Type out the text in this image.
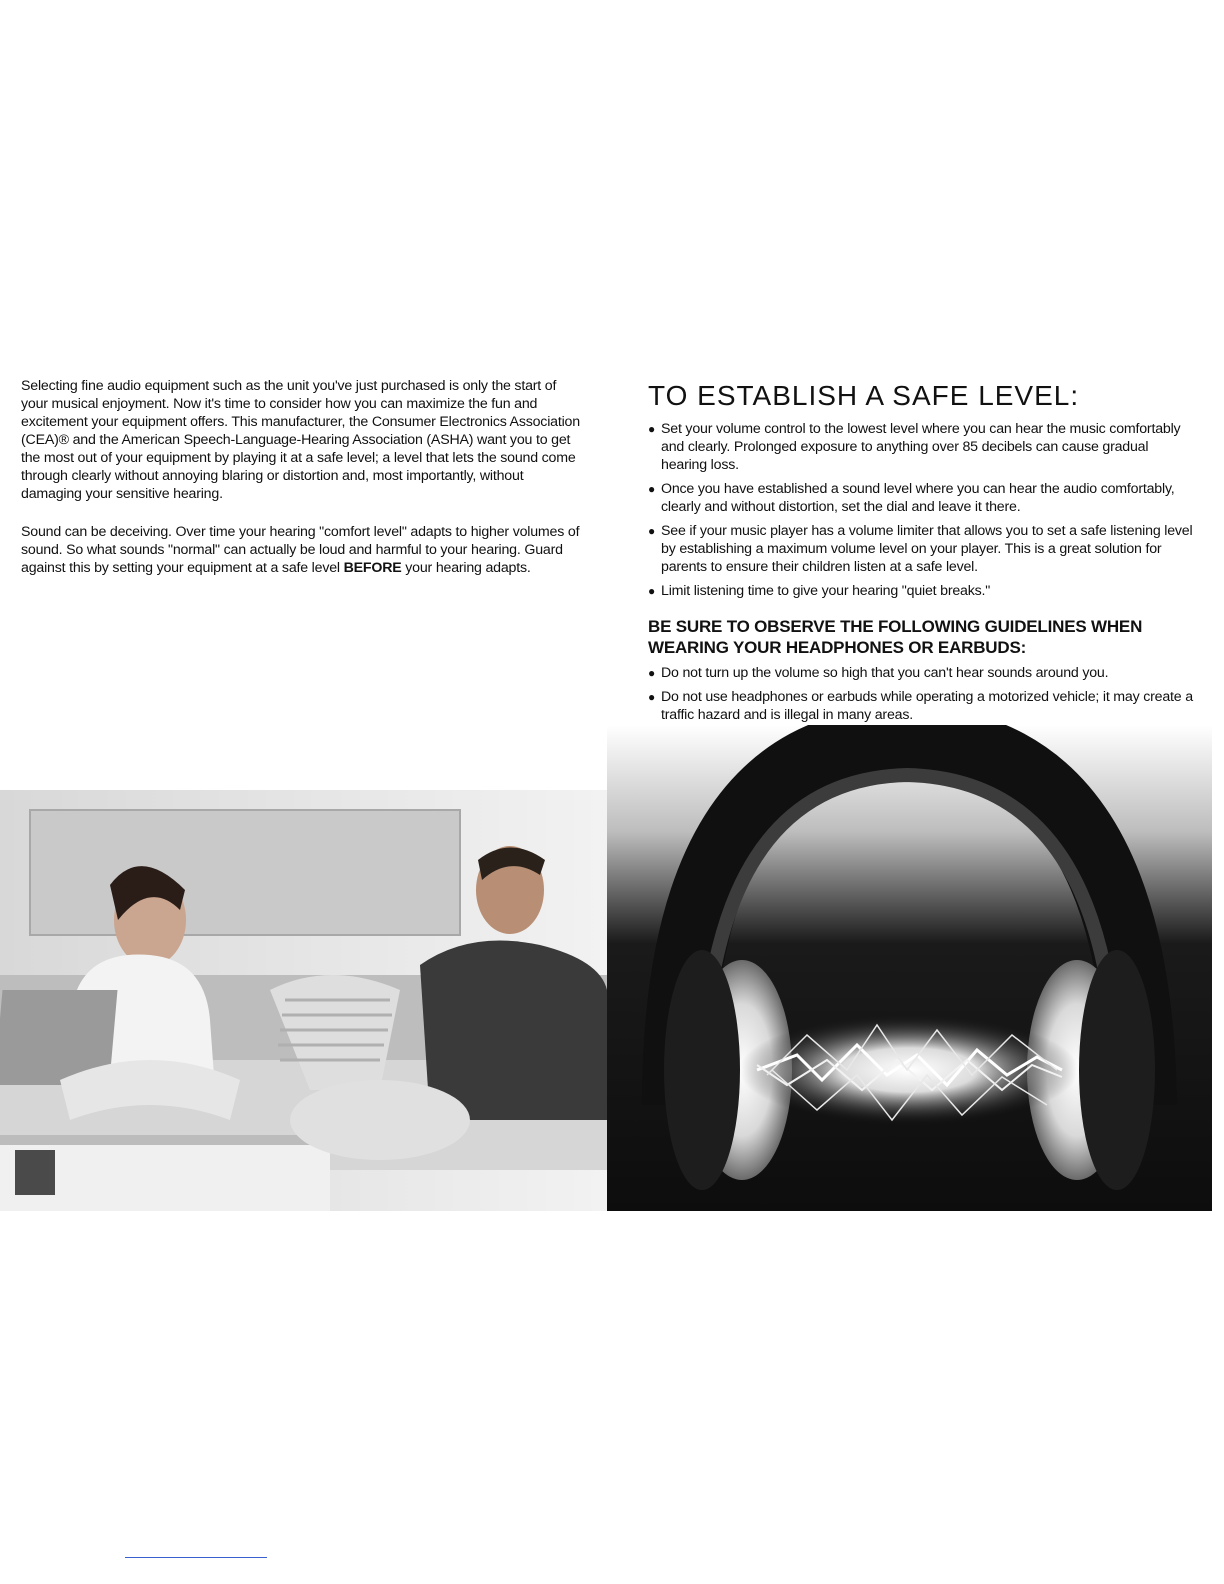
Selecting fine audio equipment such as the unit you've just purchased is only the start of your musical enjoyment. Now it's time to consider how you can maximize the fun and excitement your equipment offers. This manufacturer, the Consumer Electronics Association (CEA)® and the American Speech-Language-Hearing Association (ASHA) want you to get the most out of your equipment by playing it at a safe level; a level that lets the sound come through clearly without annoying blaring or distortion and, most importantly, without damaging your sensitive hearing.

Sound can be deceiving. Over time your hearing "comfort level" adapts to higher volumes of sound. So what sounds "normal" can actually be loud and harmful to your hearing. Guard against this by setting your equipment at a safe level BEFORE your hearing adapts.

TO ESTABLISH A SAFE LEVEL:
● Set your volume control to the lowest level where you can hear the music comfortably and clearly. Prolonged exposure to anything over 85 decibels can cause gradual hearing loss.
● Once you have established a sound level where you can hear the audio comfortably, clearly and without distortion, set the dial and leave it there.
● See if your music player has a volume limiter that allows you to set a safe listening level by establishing a maximum volume level on your player. This is a great solution for parents to ensure their children listen at a safe level.
● Limit listening time to give your hearing "quiet breaks."
BE SURE TO OBSERVE THE FOLLOWING GUIDELINES WHEN WEARING YOUR HEADPHONES OR EARBUDS:
● Do not turn up the volume so high that you can't hear sounds around you.
● Do not use headphones or earbuds while operating a motorized vehicle; it may create a traffic hazard and is illegal in many areas.
